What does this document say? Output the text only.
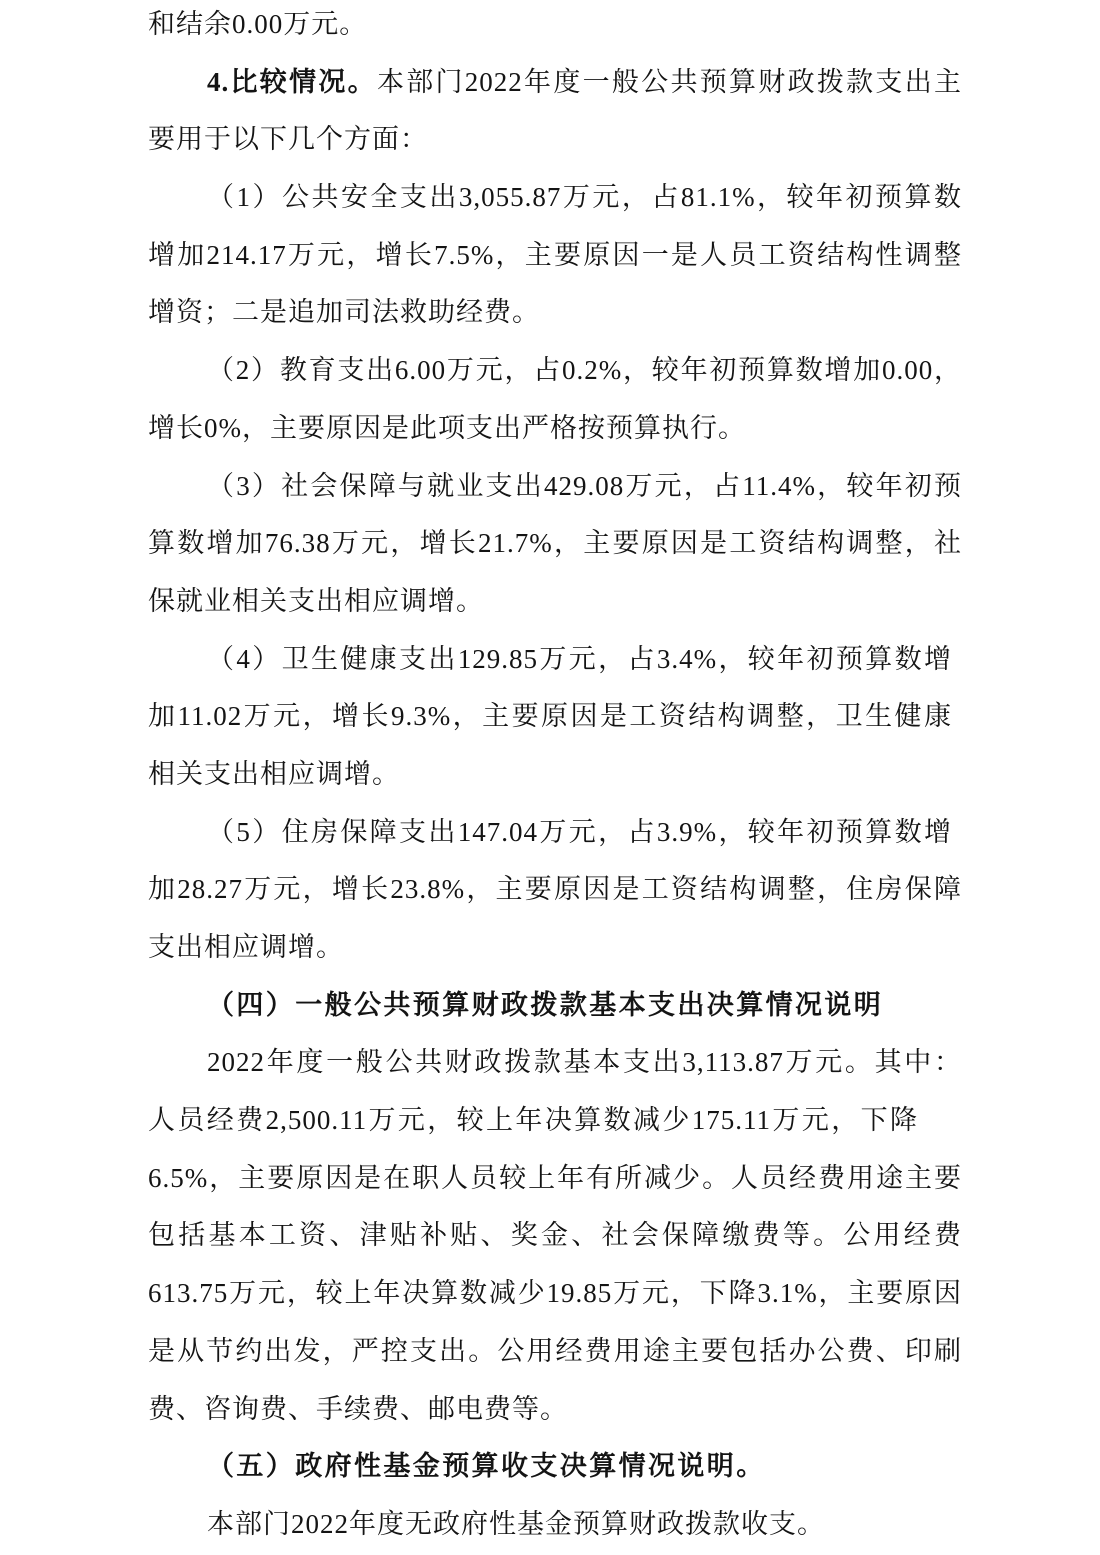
和结余0.00万元。
4.比较情况。本部门2022年度一般公共预算财政拨款支出主
要用于以下几个方面：
（1）公共安全支出3,055.87万元，占81.1%，较年初预算数
增加214.17万元，增长7.5%，主要原因一是人员工资结构性调整
增资；二是追加司法救助经费。
（2）教育支出6.00万元，占0.2%，较年初预算数增加0.00，
增长0%，主要原因是此项支出严格按预算执行。
（3）社会保障与就业支出429.08万元，占11.4%，较年初预
算数增加76.38万元，增长21.7%，主要原因是工资结构调整，社
保就业相关支出相应调增。
（4）卫生健康支出129.85万元，占3.4%，较年初预算数增
加11.02万元，增长9.3%，主要原因是工资结构调整，卫生健康
相关支出相应调增。
（5）住房保障支出147.04万元，占3.9%，较年初预算数增
加28.27万元，增长23.8%，主要原因是工资结构调整，住房保障
支出相应调增。
（四）一般公共预算财政拨款基本支出决算情况说明
2022年度一般公共财政拨款基本支出3,113.87万元。其中：
人员经费2,500.11万元，较上年决算数减少175.11万元，下降
6.5%，主要原因是在职人员较上年有所减少。人员经费用途主要
包括基本工资、津贴补贴、奖金、社会保障缴费等。公用经费
613.75万元，较上年决算数减少19.85万元，下降3.1%，主要原因
是从节约出发，严控支出。公用经费用途主要包括办公费、印刷
费、咨询费、手续费、邮电费等。
（五）政府性基金预算收支决算情况说明。
本部门2022年度无政府性基金预算财政拨款收支。
